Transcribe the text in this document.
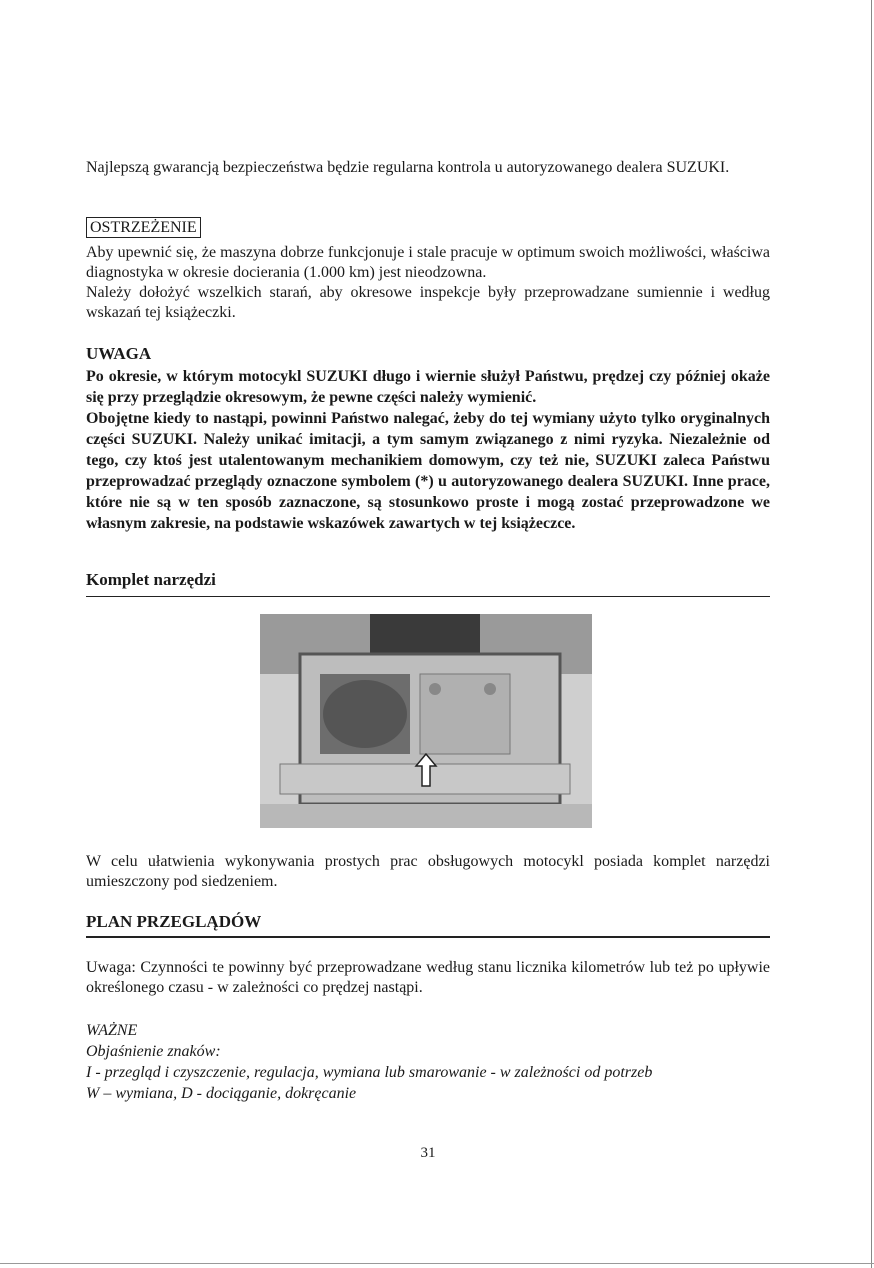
Najlepszą gwarancją bezpieczeństwa będzie regularna kontrola u autoryzowanego dealera SUZUKI.

OSTRZEŻENIE

Aby upewnić się, że maszyna dobrze funkcjonuje i stale pracuje w optimum swoich możliwości, właściwa diagnostyka w okresie docierania (1.000 km) jest nieodzowna.

Należy dołożyć wszelkich starań, aby okresowe inspekcje były przeprowadzane sumiennie i według wskazań tej książeczki.

UWAGA

Po okresie, w którym motocykl SUZUKI długo i wiernie służył Państwu, prędzej czy później okaże się przy przeglądzie okresowym, że pewne części należy wymienić.

Obojętne kiedy to nastąpi, powinni Państwo nalegać, żeby do tej wymiany użyto tylko oryginalnych części SUZUKI. Należy unikać imitacji, a tym samym związanego z nimi ryzyka. Niezależnie od tego, czy ktoś jest utalentowanym mechanikiem domowym, czy też nie, SUZUKI zaleca Państwu przeprowadzać przeglądy oznaczone symbolem (*) u autoryzowanego dealera SUZUKI. Inne prace, które nie są w ten sposób zaznaczone, są stosunkowo proste i mogą zostać przeprowadzone we własnym zakresie, na podstawie wskazówek zawartych w tej książeczce.

Komplet narzędzi

W celu ułatwienia wykonywania prostych prac obsługowych motocykl posiada komplet narzędzi umieszczony pod siedzeniem.

PLAN PRZEGLĄDÓW

Uwaga: Czynności te powinny być przeprowadzane według stanu licznika kilometrów lub też po upływie określonego czasu - w zależności co prędzej nastąpi.

WAŻNE
Objaśnienie znaków:
I - przegląd i czyszczenie, regulacja, wymiana lub smarowanie - w zależności od potrzeb
W – wymiana, D - dociąganie, dokręcanie
31
